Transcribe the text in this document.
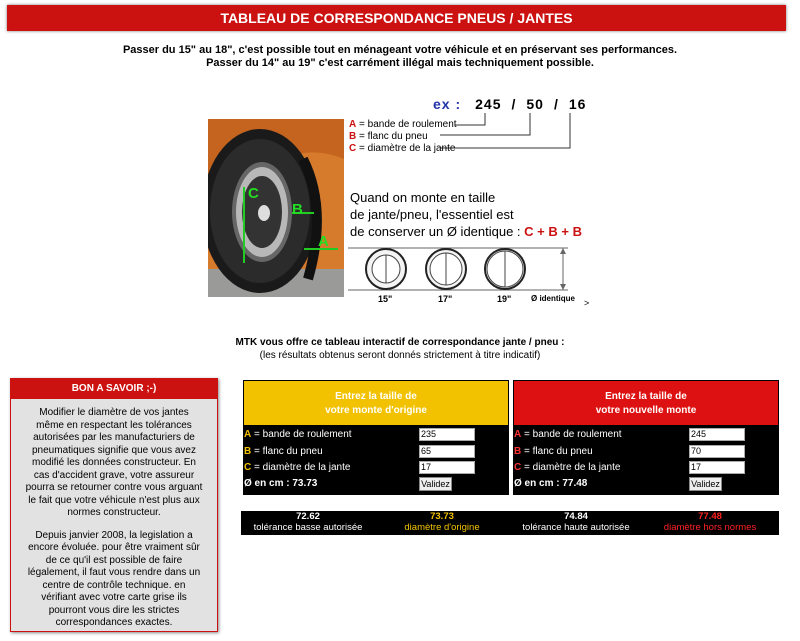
TABLEAU DE CORRESPONDANCE PNEUS / JANTES
Passer du 15" au 18", c'est possible tout en ménageant votre véhicule et en préservant ses performances.
Passer du 14" au 19" c'est carrément illégal mais techniquement possible.
ex : 245 / 50 / 16
A = bande de roulement
B = flanc du pneu
C = diamètre de la jante
C
B
A
Quand on monte en taille
de jante/pneu, l'essentiel est
de conserver un Ø identique : C + B + B
15"	17"	19" Ø identique >
MTK vous offre ce tableau interactif de correspondance jante / pneu :
(les résultats obtenus seront donnés strictement à titre indicatif)
BON A SAVOIR ;-)

Modifier le diamètre de vos jantes même en respectant les tolérances autorisées par les manufacturiers de pneumatiques signifie que vous avez modifié les données constructeur. En cas d'accident grave, votre assureur pourra se retourner contre vous arguant le fait que votre véhicule n'est plus aux normes constructeur.

Depuis janvier 2008, la legislation a encore évoluée. pour être vraiment sûr de ce qu'il est possible de faire légalement, il faut vous rendre dans un centre de contrôle technique. en vérifiant avec votre carte grise ils pourront vous dire les strictes correspondances exactes.

Entrez la taille de
votre monte d'origine
A = bande de roulement	235
B = flanc du pneu	65
C = diamètre de la jante	17
Ø en cm : 73.73	Validez
Entrez la taille de
votre nouvelle monte
A = bande de roulement	245
B = flanc du pneu	70
C = diamètre de la jante	17
Ø en cm : 77.48	Validez
72.62
tolérance basse autorisée
73.73
diamètre d'origine
74.84
tolérance haute autorisée
77.48
diamètre hors normes
